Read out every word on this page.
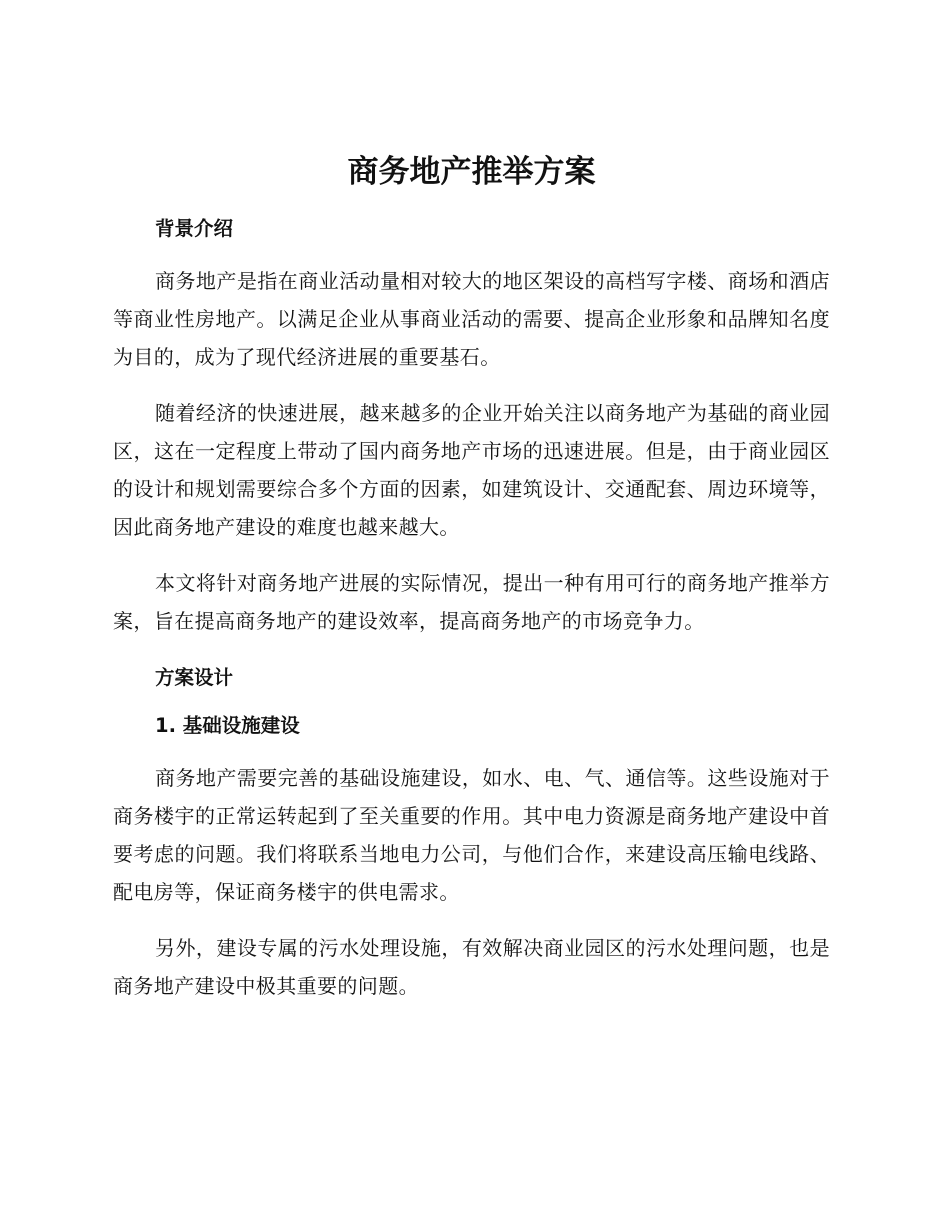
商务地产推举方案
背景介绍

商务地产是指在商业活动量相对较大的地区架设的高档写字楼、商场和酒店等商业性房地产。以满足企业从事商业活动的需要、提高企业形象和品牌知名度为目的，成为了现代经济进展的重要基石。

随着经济的快速进展，越来越多的企业开始关注以商务地产为基础的商业园区，这在一定程度上带动了国内商务地产市场的迅速进展。但是，由于商业园区的设计和规划需要综合多个方面的因素，如建筑设计、交通配套、周边环境等，因此商务地产建设的难度也越来越大。

本文将针对商务地产进展的实际情况，提出一种有用可行的商务地产推举方案，旨在提高商务地产的建设效率，提高商务地产的市场竞争力。

方案设计
1. 基础设施建设

商务地产需要完善的基础设施建设，如水、电、气、通信等。这些设施对于商务楼宇的正常运转起到了至关重要的作用。其中电力资源是商务地产建设中首要考虑的问题。我们将联系当地电力公司，与他们合作，来建设高压输电线路、配电房等，保证商务楼宇的供电需求。

另外，建设专属的污水处理设施，有效解决商业园区的污水处理问题，也是商务地产建设中极其重要的问题。
